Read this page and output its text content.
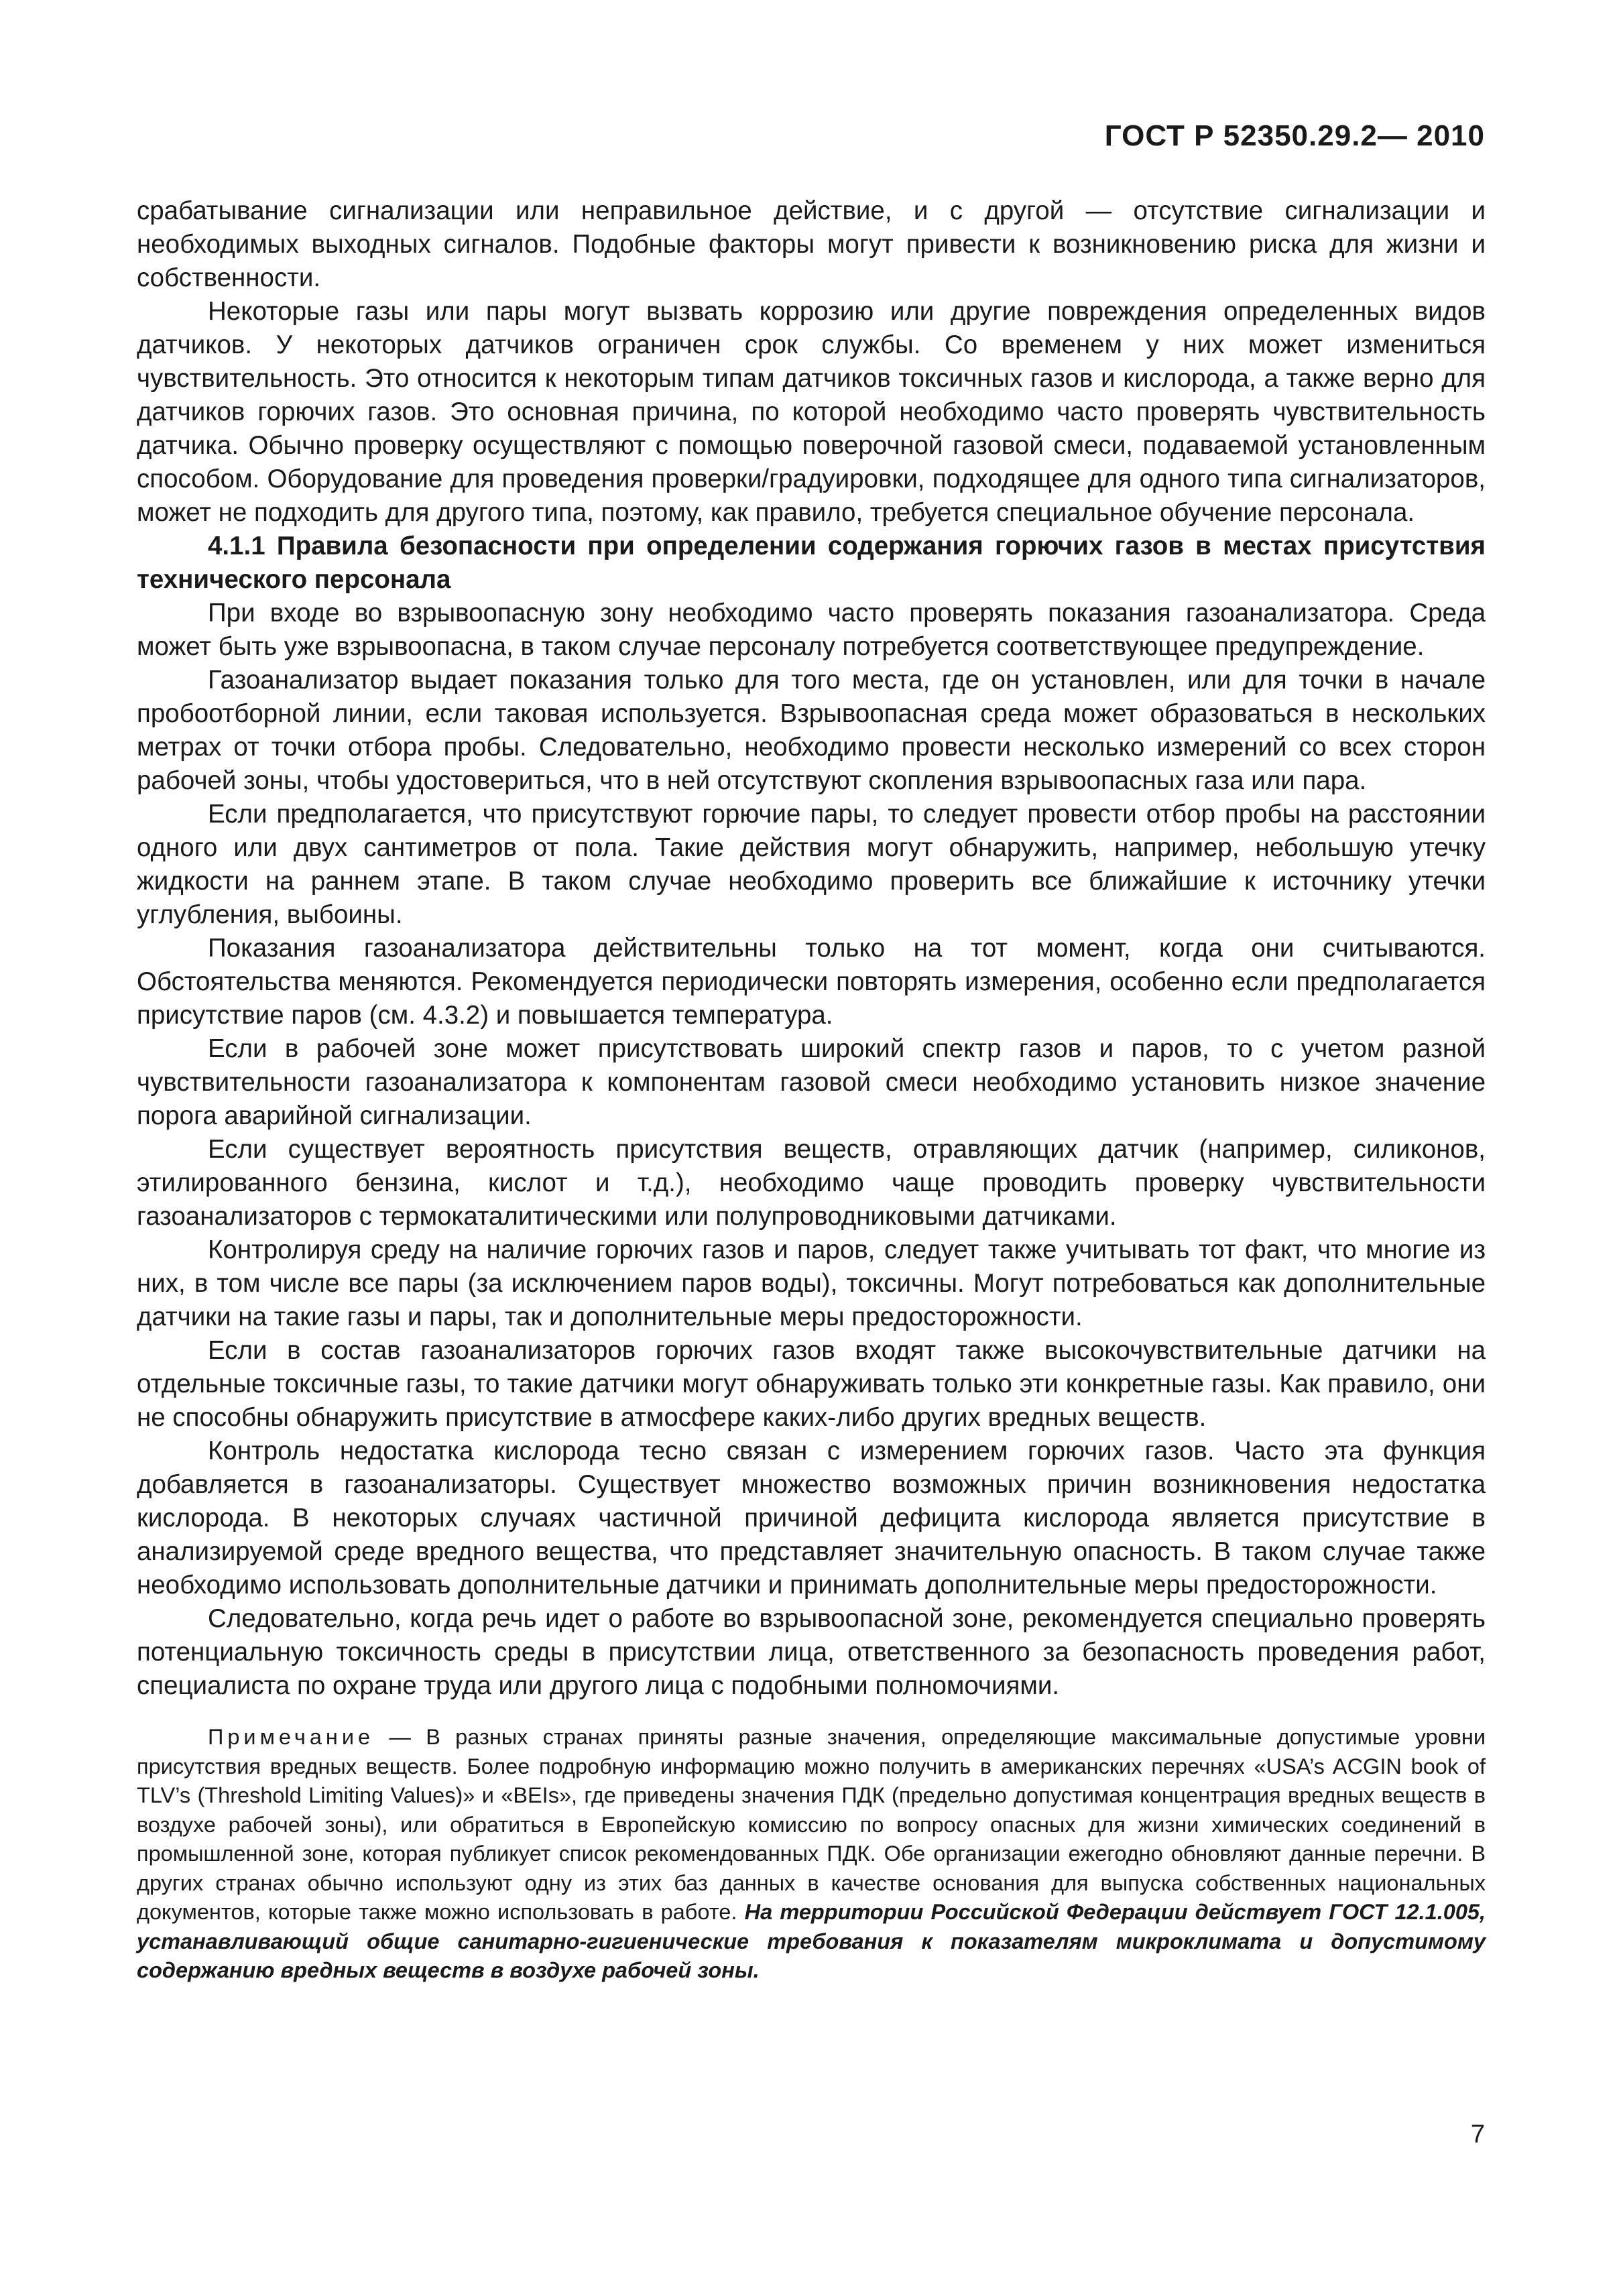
ГОСТ Р 52350.29.2— 2010

срабатывание сигнализации или неправильное действие, и с другой — отсутствие сигнализации и необходимых выходных сигналов. Подобные факторы могут привести к возникновению риска для жизни и собственности.

Некоторые газы или пары могут вызвать коррозию или другие повреждения определенных видов датчиков. У некоторых датчиков ограничен срок службы. Со временем у них может измениться чувствительность. Это относится к некоторым типам датчиков токсичных газов и кислорода, а также верно для датчиков горючих газов. Это основная причина, по которой необходимо часто проверять чувствительность датчика. Обычно проверку осуществляют с помощью поверочной газовой смеси, подаваемой установленным способом. Оборудование для проведения проверки/градуировки, подходящее для одного типа сигнализаторов, может не подходить для другого типа, поэтому, как правило, требуется специальное обучение персонала.

4.1.1 Правила безопасности при определении содержания горючих газов в местах присутствия технического персонала

При входе во взрывоопасную зону необходимо часто проверять показания газоанализатора. Среда может быть уже взрывоопасна, в таком случае персоналу потребуется соответствующее предупреждение.

Газоанализатор выдает показания только для того места, где он установлен, или для точки в начале пробоотборной линии, если таковая используется. Взрывоопасная среда может образоваться в нескольких метрах от точки отбора пробы. Следовательно, необходимо провести несколько измерений со всех сторон рабочей зоны, чтобы удостовериться, что в ней отсутствуют скопления взрывоопасных газа или пара.

Если предполагается, что присутствуют горючие пары, то следует провести отбор пробы на расстоянии одного или двух сантиметров от пола. Такие действия могут обнаружить, например, небольшую утечку жидкости на раннем этапе. В таком случае необходимо проверить все ближайшие к источнику утечки углубления, выбоины.

Показания газоанализатора действительны только на тот момент, когда они считываются. Обстоятельства меняются. Рекомендуется периодически повторять измерения, особенно если предполагается присутствие паров (см. 4.3.2) и повышается температура.

Если в рабочей зоне может присутствовать широкий спектр газов и паров, то с учетом разной чувствительности газоанализатора к компонентам газовой смеси необходимо установить низкое значение порога аварийной сигнализации.

Если существует вероятность присутствия веществ, отравляющих датчик (например, силиконов, этилированного бензина, кислот и т.д.), необходимо чаще проводить проверку чувствительности газоанализаторов с термокаталитическими или полупроводниковыми датчиками.

Контролируя среду на наличие горючих газов и паров, следует также учитывать тот факт, что многие из них, в том числе все пары (за исключением паров воды), токсичны. Могут потребоваться как дополнительные датчики на такие газы и пары, так и дополнительные меры предосторожности.

Если в состав газоанализаторов горючих газов входят также высокочувствительные датчики на отдельные токсичные газы, то такие датчики могут обнаруживать только эти конкретные газы. Как правило, они не способны обнаружить присутствие в атмосфере каких-либо других вредных веществ.

Контроль недостатка кислорода тесно связан с измерением горючих газов. Часто эта функция добавляется в газоанализаторы. Существует множество возможных причин возникновения недостатка кислорода. В некоторых случаях частичной причиной дефицита кислорода является присутствие в анализируемой среде вредного вещества, что представляет значительную опасность. В таком случае также необходимо использовать дополнительные датчики и принимать дополнительные меры предосторожности.

Следовательно, когда речь идет о работе во взрывоопасной зоне, рекомендуется специально проверять потенциальную токсичность среды в присутствии лица, ответственного за безопасность проведения работ, специалиста по охране труда или другого лица с подобными полномочиями.

Примечание — В разных странах приняты разные значения, определяющие максимальные допустимые уровни присутствия вредных веществ. Более подробную информацию можно получить в американских перечнях «USA’s ACGIN book of TLV’s (Threshold Limiting Values)» и «BEIs», где приведены значения ПДК (предельно допустимая концентрация вредных веществ в воздухе рабочей зоны), или обратиться в Европейскую комиссию по вопросу опасных для жизни химических соединений в промышленной зоне, которая публикует список рекомендованных ПДК. Обе организации ежегодно обновляют данные перечни. В других странах обычно используют одну из этих баз данных в качестве основания для выпуска собственных национальных документов, которые также можно использовать в работе. На территории Российской Федерации действует ГОСТ 12.1.005, устанавливающий общие санитарно-гигиенические требования к показателям микроклимата и допустимому содержанию вредных веществ в воздухе рабочей зоны.
7
